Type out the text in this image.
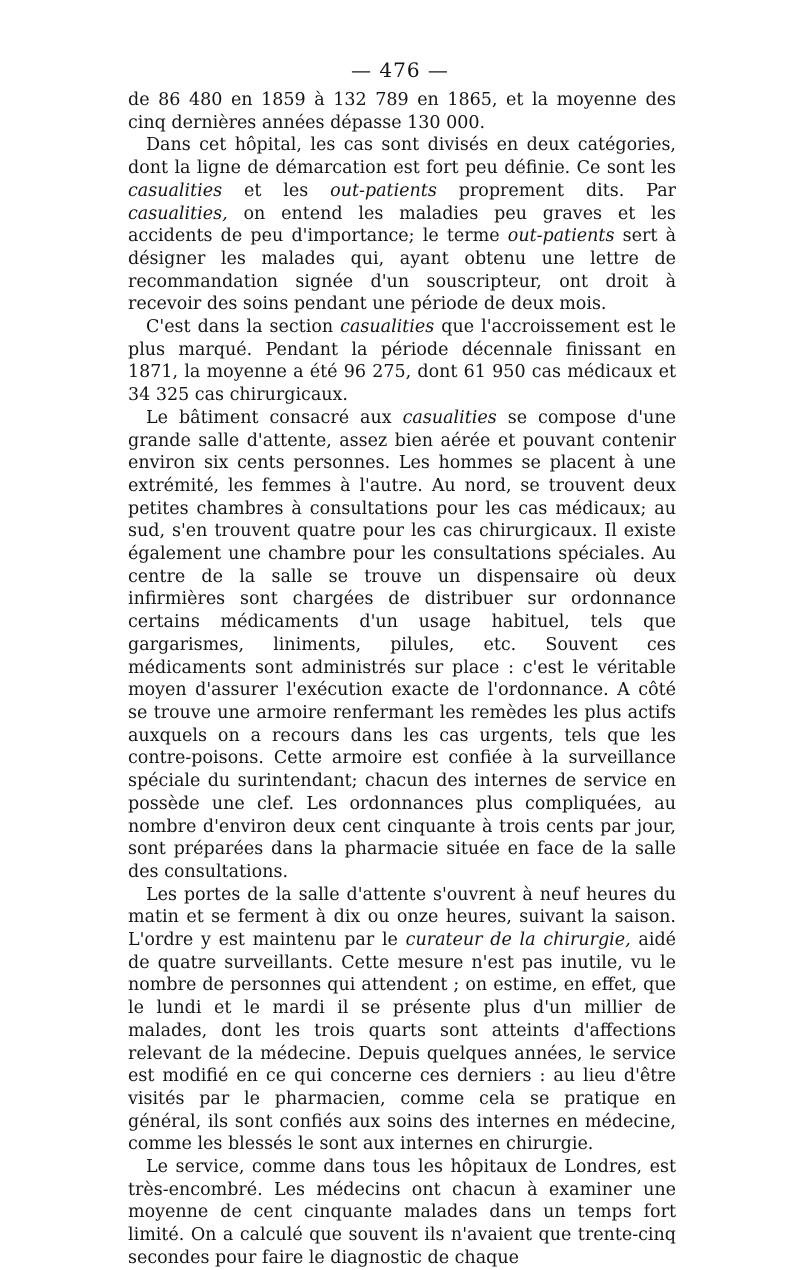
— 476 —

de 86 480 en 1859 à 132 789 en 1865, et la moyenne des cinq dernières années dépasse 130 000.

Dans cet hôpital, les cas sont divisés en deux catégories, dont la ligne de démarcation est fort peu définie. Ce sont les casualities et les out-patients proprement dits. Par casualities, on entend les maladies peu graves et les accidents de peu d'importance; le terme out-patients sert à désigner les malades qui, ayant obtenu une lettre de recommandation signée d'un souscripteur, ont droit à recevoir des soins pendant une période de deux mois.

C'est dans la section casualities que l'accroissement est le plus marqué. Pendant la période décennale finissant en 1871, la moyenne a été 96 275, dont 61 950 cas médicaux et 34 325 cas chirurgicaux.

Le bâtiment consacré aux casualities se compose d'une grande salle d'attente, assez bien aérée et pouvant contenir environ six cents personnes. Les hommes se placent à une extrémité, les femmes à l'autre. Au nord, se trouvent deux petites chambres à consultations pour les cas médicaux; au sud, s'en trouvent quatre pour les cas chirurgicaux. Il existe également une chambre pour les consultations spéciales. Au centre de la salle se trouve un dispensaire où deux infirmières sont chargées de distribuer sur ordonnance certains médicaments d'un usage habituel, tels que gargarismes, liniments, pilules, etc. Souvent ces médicaments sont administrés sur place : c'est le véritable moyen d'assurer l'exécution exacte de l'ordonnance. A côté se trouve une armoire renfermant les remèdes les plus actifs auxquels on a recours dans les cas urgents, tels que les contre-poisons. Cette armoire est confiée à la surveillance spéciale du surintendant; chacun des internes de service en possède une clef. Les ordonnances plus compliquées, au nombre d'environ deux cent cinquante à trois cents par jour, sont préparées dans la pharmacie située en face de la salle des consultations.

Les portes de la salle d'attente s'ouvrent à neuf heures du matin et se ferment à dix ou onze heures, suivant la saison. L'ordre y est maintenu par le curateur de la chirurgie, aidé de quatre surveillants. Cette mesure n'est pas inutile, vu le nombre de personnes qui attendent ; on estime, en effet, que le lundi et le mardi il se présente plus d'un millier de malades, dont les trois quarts sont atteints d'affections relevant de la médecine. Depuis quelques années, le service est modifié en ce qui concerne ces derniers : au lieu d'être visités par le pharmacien, comme cela se pratique en général, ils sont confiés aux soins des internes en médecine, comme les blessés le sont aux internes en chirurgie.

Le service, comme dans tous les hôpitaux de Londres, est très-encombré. Les médecins ont chacun à examiner une moyenne de cent cinquante malades dans un temps fort limité. On a calculé que souvent ils n'avaient que trente-cinq secondes pour faire le diagnostic de chaque
